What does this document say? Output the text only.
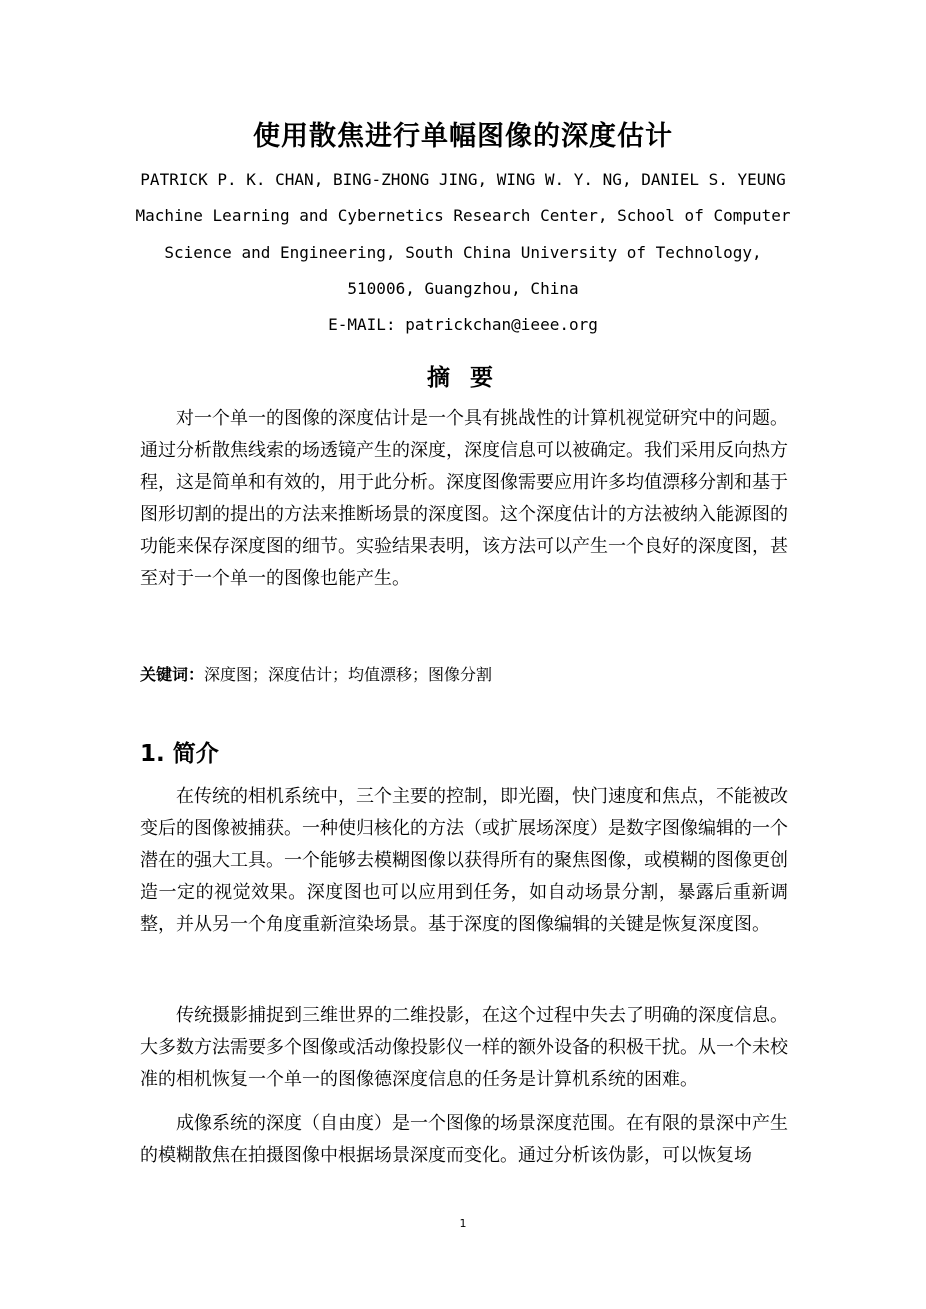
使用散焦进行单幅图像的深度估计
PATRICK P. K. CHAN, BING-ZHONG JING, WING W. Y. NG, DANIEL S. YEUNG
Machine Learning and Cybernetics Research Center, School of Computer
Science and Engineering, South China University of Technology,
510006, Guangzhou, China
E-MAIL: patrickchan@ieee.org
摘 要

对一个单一的图像的深度估计是一个具有挑战性的计算机视觉研究中的问题。通过分析散焦线索的场透镜产生的深度，深度信息可以被确定。我们采用反向热方程，这是简单和有效的，用于此分析。深度图像需要应用许多均值漂移分割和基于图形切割的提出的方法来推断场景的深度图。这个深度估计的方法被纳入能源图的功能来保存深度图的细节。实验结果表明，该方法可以产生一个良好的深度图，甚至对于一个单一的图像也能产生。

关键词：深度图；深度估计；均值漂移；图像分割
1. 简介

在传统的相机系统中，三个主要的控制，即光圈，快门速度和焦点，不能被改变后的图像被捕获。一种使归核化的方法（或扩展场深度）是数字图像编辑的一个潜在的强大工具。一个能够去模糊图像以获得所有的聚焦图像，或模糊的图像更创造一定的视觉效果。深度图也可以应用到任务，如自动场景分割，暴露后重新调整，并从另一个角度重新渲染场景。基于深度的图像编辑的关键是恢复深度图。

传统摄影捕捉到三维世界的二维投影，在这个过程中失去了明确的深度信息。大多数方法需要多个图像或活动像投影仪一样的额外设备的积极干扰。从一个未校准的相机恢复一个单一的图像德深度信息的任务是计算机系统的困难。

成像系统的深度（自由度）是一个图像的场景深度范围。在有限的景深中产生的模糊散焦在拍摄图像中根据场景深度而变化。通过分析该伪影，可以恢复场

1
